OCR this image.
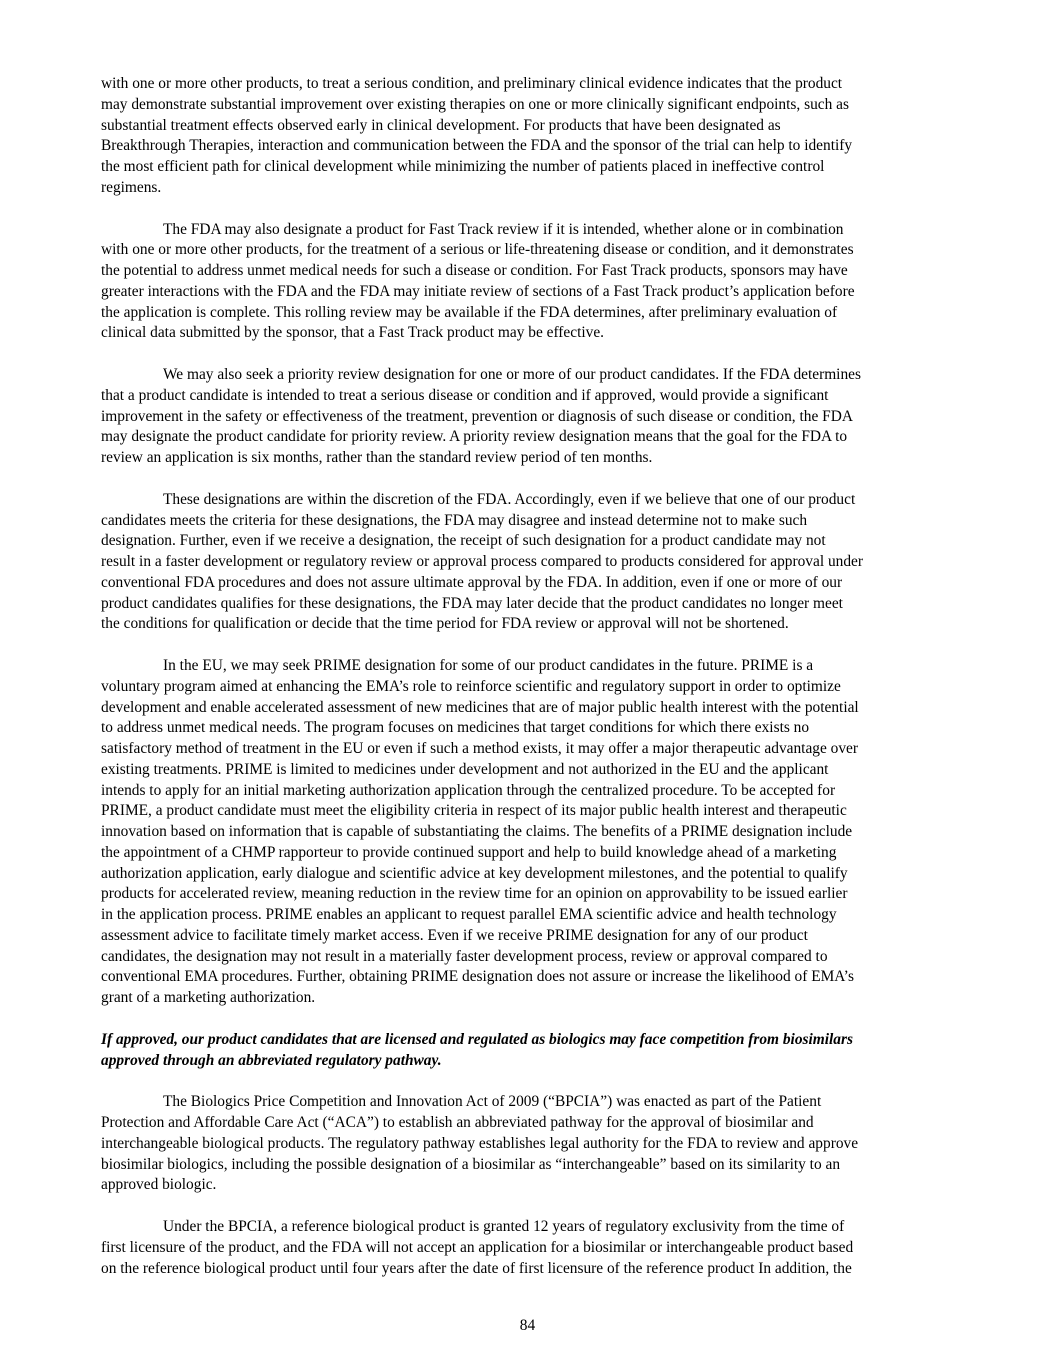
with one or more other products, to treat a serious condition, and preliminary clinical evidence indicates that the product
may demonstrate substantial improvement over existing therapies on one or more clinically significant endpoints, such as
substantial treatment effects observed early in clinical development. For products that have been designated as
Breakthrough Therapies, interaction and communication between the FDA and the sponsor of the trial can help to identify
the most efficient path for clinical development while minimizing the number of patients placed in ineffective control
regimens.

The FDA may also designate a product for Fast Track review if it is intended, whether alone or in combination
with one or more other products, for the treatment of a serious or life-threatening disease or condition, and it demonstrates
the potential to address unmet medical needs for such a disease or condition. For Fast Track products, sponsors may have
greater interactions with the FDA and the FDA may initiate review of sections of a Fast Track product’s application before
the application is complete. This rolling review may be available if the FDA determines, after preliminary evaluation of
clinical data submitted by the sponsor, that a Fast Track product may be effective.

We may also seek a priority review designation for one or more of our product candidates. If the FDA determines
that a product candidate is intended to treat a serious disease or condition and if approved, would provide a significant
improvement in the safety or effectiveness of the treatment, prevention or diagnosis of such disease or condition, the FDA
may designate the product candidate for priority review. A priority review designation means that the goal for the FDA to
review an application is six months, rather than the standard review period of ten months.

These designations are within the discretion of the FDA. Accordingly, even if we believe that one of our product
candidates meets the criteria for these designations, the FDA may disagree and instead determine not to make such
designation. Further, even if we receive a designation, the receipt of such designation for a product candidate may not
result in a faster development or regulatory review or approval process compared to products considered for approval under
conventional FDA procedures and does not assure ultimate approval by the FDA. In addition, even if one or more of our
product candidates qualifies for these designations, the FDA may later decide that the product candidates no longer meet
the conditions for qualification or decide that the time period for FDA review or approval will not be shortened.

In the EU, we may seek PRIME designation for some of our product candidates in the future. PRIME is a
voluntary program aimed at enhancing the EMA’s role to reinforce scientific and regulatory support in order to optimize
development and enable accelerated assessment of new medicines that are of major public health interest with the potential
to address unmet medical needs. The program focuses on medicines that target conditions for which there exists no
satisfactory method of treatment in the EU or even if such a method exists, it may offer a major therapeutic advantage over
existing treatments. PRIME is limited to medicines under development and not authorized in the EU and the applicant
intends to apply for an initial marketing authorization application through the centralized procedure. To be accepted for
PRIME, a product candidate must meet the eligibility criteria in respect of its major public health interest and therapeutic
innovation based on information that is capable of substantiating the claims. The benefits of a PRIME designation include
the appointment of a CHMP rapporteur to provide continued support and help to build knowledge ahead of a marketing
authorization application, early dialogue and scientific advice at key development milestones, and the potential to qualify
products for accelerated review, meaning reduction in the review time for an opinion on approvability to be issued earlier
in the application process. PRIME enables an applicant to request parallel EMA scientific advice and health technology
assessment advice to facilitate timely market access. Even if we receive PRIME designation for any of our product
candidates, the designation may not result in a materially faster development process, review or approval compared to
conventional EMA procedures. Further, obtaining PRIME designation does not assure or increase the likelihood of EMA’s
grant of a marketing authorization.

If approved, our product candidates that are licensed and regulated as biologics may face competition from biosimilars
approved through an abbreviated regulatory pathway.

The Biologics Price Competition and Innovation Act of 2009 (“BPCIA”) was enacted as part of the Patient
Protection and Affordable Care Act (“ACA”) to establish an abbreviated pathway for the approval of biosimilar and
interchangeable biological products. The regulatory pathway establishes legal authority for the FDA to review and approve
biosimilar biologics, including the possible designation of a biosimilar as “interchangeable” based on its similarity to an
approved biologic.

Under the BPCIA, a reference biological product is granted 12 years of regulatory exclusivity from the time of
first licensure of the product, and the FDA will not accept an application for a biosimilar or interchangeable product based
on the reference biological product until four years after the date of first licensure of the reference product In addition, the

84
